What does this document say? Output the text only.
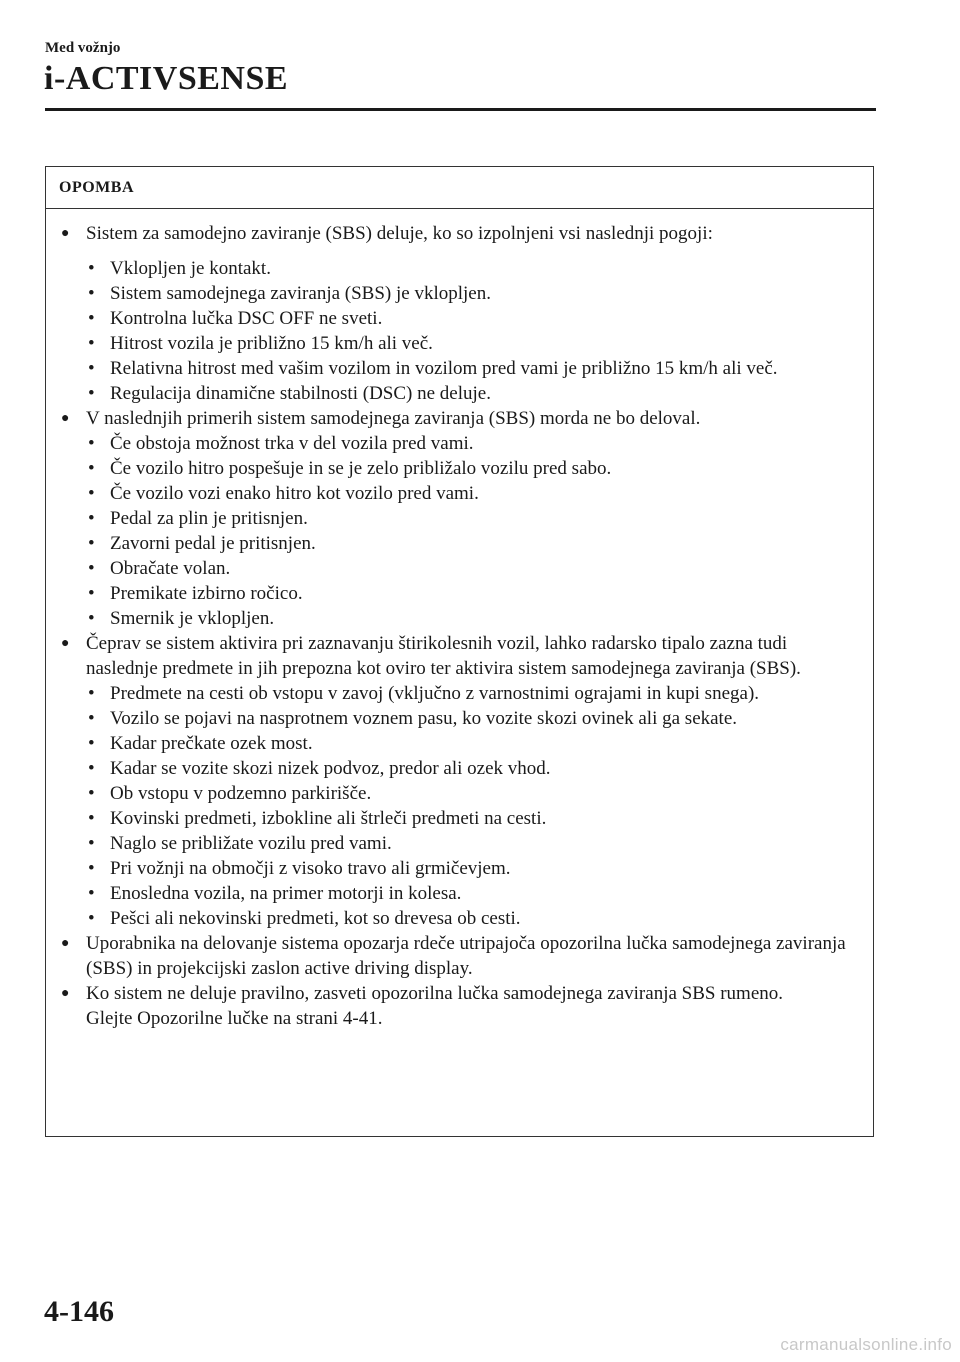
Med vožnjo
i-ACTIVSENSE
OPOMBA
● Sistem za samodejno zaviranje (SBS) deluje, ko so izpolnjeni vsi naslednji pogoji:
• Vklopljen je kontakt.
• Sistem samodejnega zaviranja (SBS) je vklopljen.
• Kontrolna lučka DSC OFF ne sveti.
• Hitrost vozila je približno 15 km/h ali več.
• Relativna hitrost med vašim vozilom in vozilom pred vami je približno 15 km/h ali več.
• Regulacija dinamične stabilnosti (DSC) ne deluje.
● V naslednjih primerih sistem samodejnega zaviranja (SBS) morda ne bo deloval.
• Če obstoja možnost trka v del vozila pred vami.
• Če vozilo hitro pospešuje in se je zelo približalo vozilu pred sabo.
• Če vozilo vozi enako hitro kot vozilo pred vami.
• Pedal za plin je pritisnjen.
• Zavorni pedal je pritisnjen.
• Obračate volan.
• Premikate izbirno ročico.
• Smernik je vklopljen.
● Čeprav se sistem aktivira pri zaznavanju štirikolesnih vozil, lahko radarsko tipalo zazna tudi naslednje predmete in jih prepozna kot oviro ter aktivira sistem samodejnega zaviranja (SBS).
• Predmete na cesti ob vstopu v zavoj (vključno z varnostnimi ograjami in kupi snega).
• Vozilo se pojavi na nasprotnem voznem pasu, ko vozite skozi ovinek ali ga sekate.
• Kadar prečkate ozek most.
• Kadar se vozite skozi nizek podvoz, predor ali ozek vhod.
• Ob vstopu v podzemno parkirišče.
• Kovinski predmeti, izbokline ali štrleči predmeti na cesti.
• Naglo se približate vozilu pred vami.
• Pri vožnji na območji z visoko travo ali grmičevjem.
• Enosledna vozila, na primer motorji in kolesa.
• Pešci ali nekovinski predmeti, kot so drevesa ob cesti.
● Uporabnika na delovanje sistema opozarja rdeče utripajoča opozorilna lučka samodejnega zaviranja (SBS) in projekcijski zaslon active driving display.
● Ko sistem ne deluje pravilno, zasveti opozorilna lučka samodejnega zaviranja SBS rumeno.
Glejte Opozorilne lučke na strani 4-41.
4-146
carmanualsonline.info
